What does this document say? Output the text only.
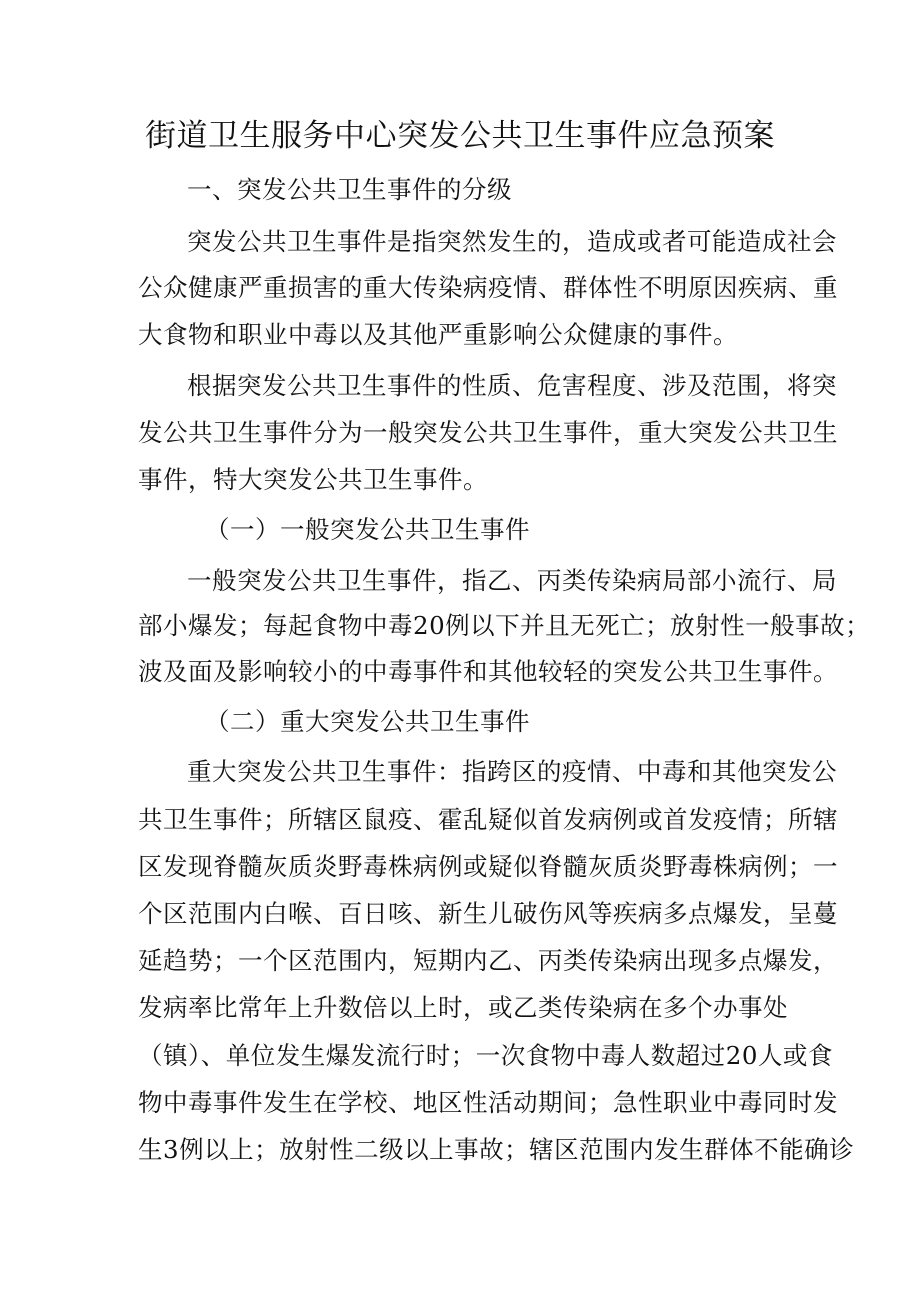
街道卫生服务中心突发公共卫生事件应急预案

一、突发公共卫生事件的分级

突发公共卫生事件是指突然发生的，造成或者可能造成社会

公众健康严重损害的重大传染病疫情、群体性不明原因疾病、重

大食物和职业中毒以及其他严重影响公众健康的事件。

根据突发公共卫生事件的性质、危害程度、涉及范围，将突

发公共卫生事件分为一般突发公共卫生事件，重大突发公共卫生

事件，特大突发公共卫生事件。

（一）一般突发公共卫生事件

一般突发公共卫生事件，指乙、丙类传染病局部小流行、局

部小爆发；每起食物中毒20例以下并且无死亡；放射性一般事故；

波及面及影响较小的中毒事件和其他较轻的突发公共卫生事件。

（二）重大突发公共卫生事件

重大突发公共卫生事件：指跨区的疫情、中毒和其他突发公

共卫生事件；所辖区鼠疫、霍乱疑似首发病例或首发疫情；所辖

区发现脊髓灰质炎野毒株病例或疑似脊髓灰质炎野毒株病例；一

个区范围内白喉、百日咳、新生儿破伤风等疾病多点爆发，呈蔓

延趋势；一个区范围内，短期内乙、丙类传染病出现多点爆发，

发病率比常年上升数倍以上时，或乙类传染病在多个办事处

（镇）、单位发生爆发流行时；一次食物中毒人数超过20人或食

物中毒事件发生在学校、地区性活动期间；急性职业中毒同时发

生3例以上；放射性二级以上事故；辖区范围内发生群体不能确诊
